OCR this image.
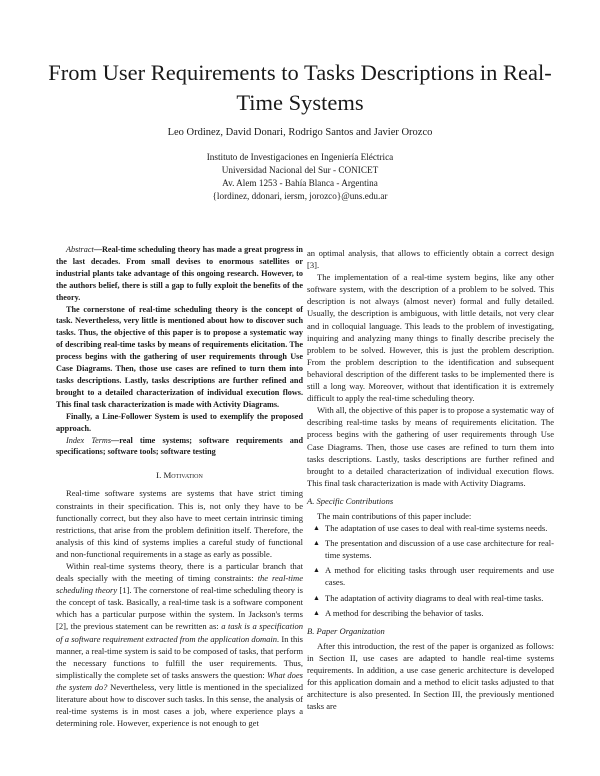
From User Requirements to Tasks Descriptions in Real-Time Systems
Leo Ordinez, David Donari, Rodrigo Santos and Javier Orozco
Instituto de Investigaciones en Ingeniería Eléctrica
Universidad Nacional del Sur - CONICET
Av. Alem 1253 - Bahía Blanca - Argentina
{lordinez, ddonari, iersm, jorozco}@uns.edu.ar

Abstract—Real-time scheduling theory has made a great progress in the last decades. From small devises to enormous satellites or industrial plants take advantage of this ongoing research. However, to the authors belief, there is still a gap to fully exploit the benefits of the theory.

The cornerstone of real-time scheduling theory is the concept of task. Nevertheless, very little is mentioned about how to discover such tasks. Thus, the objective of this paper is to propose a systematic way of describing real-time tasks by means of requirements elicitation. The process begins with the gathering of user requirements through Use Case Diagrams. Then, those use cases are refined to turn them into tasks descriptions. Lastly, tasks descriptions are further refined and brought to a detailed characterization of individual execution flows. This final task characterization is made with Activity Diagrams.

Finally, a Line-Follower System is used to exemplify the proposed approach.

Index Terms—real time systems; software requirements and specifications; software tools; software testing

I. Motivation

Real-time software systems are systems that have strict timing constraints in their specification. This is, not only they have to be functionally correct, but they also have to meet certain intrinsic timing restrictions, that arise from the problem definition itself. Therefore, the analysis of this kind of systems implies a careful study of functional and non-functional requirements in a stage as early as possible.

Within real-time systems theory, there is a particular branch that deals specially with the meeting of timing constraints: the real-time scheduling theory [1]. The cornerstone of real-time scheduling theory is the concept of task. Basically, a real-time task is a software component which has a particular purpose within the system. In Jackson's terms [2], the previous statement can be rewritten as: a task is a specification of a software requirement extracted from the application domain. In this manner, a real-time system is said to be composed of tasks, that perform the necessary functions to fulfill the user requirements. Thus, simplistically the complete set of tasks answers the question: What does the system do? Nevertheless, very little is mentioned in the specialized literature about how to discover such tasks. In this sense, the analysis of real-time systems is in most cases a job, where experience plays a determining role. However, experience is not enough to get

an optimal analysis, that allows to efficiently obtain a correct design [3].

The implementation of a real-time system begins, like any other software system, with the description of a problem to be solved. This description is not always (almost never) formal and fully detailed. Usually, the description is ambiguous, with little details, not very clear and in colloquial language. This leads to the problem of investigating, inquiring and analyzing many things to finally describe precisely the problem to be solved. However, this is just the problem description. From the problem description to the identification and subsequent behavioral description of the different tasks to be implemented there is still a long way. Moreover, without that identification it is extremely difficult to apply the real-time scheduling theory.

With all, the objective of this paper is to propose a systematic way of describing real-time tasks by means of requirements elicitation. The process begins with the gathering of user requirements through Use Case Diagrams. Then, those use cases are refined to turn them into tasks descriptions. Lastly, tasks descriptions are further refined and brought to a detailed characterization of individual execution flows. This final task characterization is made with Activity Diagrams.

A. Specific Contributions

The main contributions of this paper include:

▲ The adaptation of use cases to deal with real-time systems needs.
▲ The presentation and discussion of a use case architecture for real-time systems.
▲ A method for eliciting tasks through user requirements and use cases.
▲ The adaptation of activity diagrams to deal with real-time tasks.
▲ A method for describing the behavior of tasks.
B. Paper Organization

After this introduction, the rest of the paper is organized as follows: in Section II, use cases are adapted to handle real-time systems requirements. In addition, a use case generic architecture is developed for this application domain and a method to elicit tasks adjusted to that architecture is also presented. In Section III, the previously mentioned tasks are
